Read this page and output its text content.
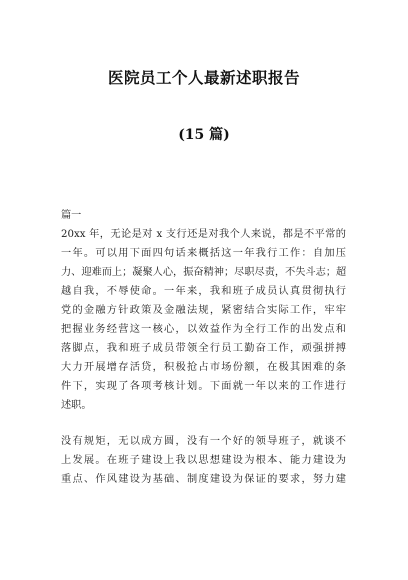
医院员工个人最新述职报告
(15 篇)
篇一
20xx 年，无论是对 x 支行还是对我个人来说，都是不平常的
一年。可以用下面四句话来概括这一年我行工作：自加压
力、迎难而上；凝聚人心，振奋精神；尽职尽责，不失斗志；超
越自我，不辱使命。一年来，我和班子成员认真贯彻执行
党的金融方针政策及金融法规，紧密结合实际工作，牢牢
把握业务经营这一核心，以效益作为全行工作的出发点和
落脚点，我和班子成员带领全行员工勤奋工作，顽强拼搏
大力开展增存活贷，积极抢占市场份额，在极其困难的条
件下，实现了各项考核计划。下面就一年以来的工作进行
述职。
没有规矩，无以成方圆，没有一个好的领导班子，就谈不
上发展。在班子建设上我以思想建设为根本、能力建设为
重点、作风建设为基础、制度建设为保证的要求，努力建
